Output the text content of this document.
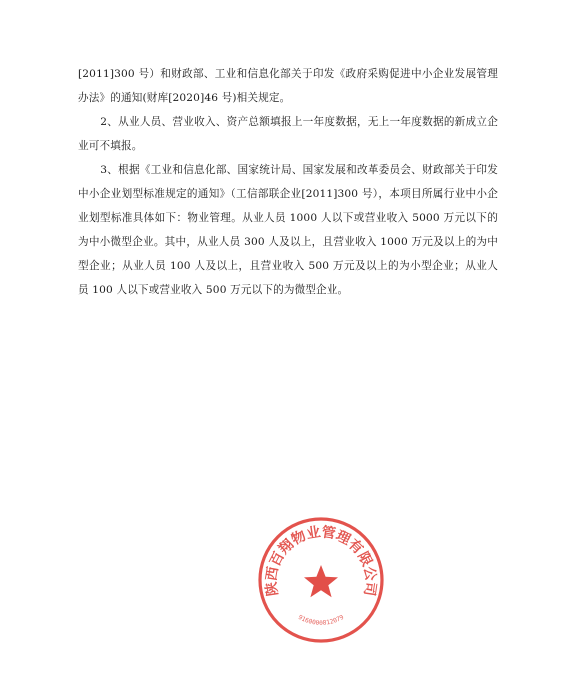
[2011]300 号）和财政部、工业和信息化部关于印发《政府采购促进中小企业发展管理办法》的通知(财库[2020]46 号)相关规定。

2、从业人员、营业收入、资产总额填报上一年度数据，无上一年度数据的新成立企业可不填报。

3、根据《工业和信息化部、国家统计局、国家发展和改革委员会、财政部关于印发中小企业划型标准规定的通知》（工信部联企业[2011]300 号），本项目所属行业中小企业划型标准具体如下：物业管理。从业人员 1000 人以下或营业收入 5000 万元以下的为中小微型企业。其中，从业人员 300 人及以上，且营业收入 1000 万元及以上的为中型企业；从业人员 100 人及以上，且营业收入 500 万元及以上的为小型企业；从业人员 100 人以下或营业收入 500 万元以下的为微型企业。

陕西百翔物业管理有限公司
9160000812079
